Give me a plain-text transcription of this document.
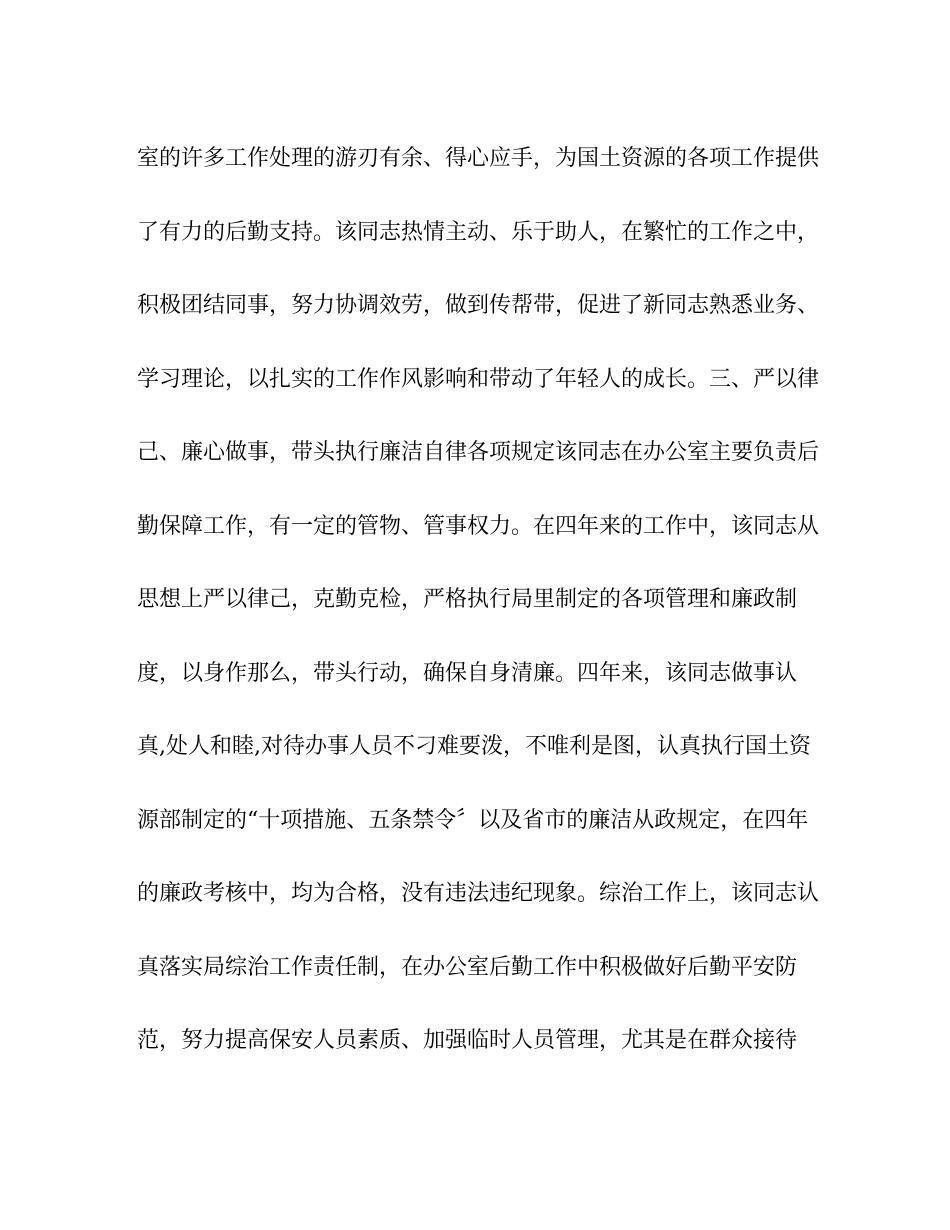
室的许多工作处理的游刃有余、得心应手，为国土资源的各项工作提供
了有力的后勤支持。该同志热情主动、乐于助人，在繁忙的工作之中，
积极团结同事，努力协调效劳，做到传帮带，促进了新同志熟悉业务、
学习理论，以扎实的工作作风影响和带动了年轻人的成长。三、严以律
己、廉心做事，带头执行廉洁自律各项规定该同志在办公室主要负责后
勤保障工作，有一定的管物、管事权力。在四年来的工作中，该同志从
思想上严以律己，克勤克检，严格执行局里制定的各项管理和廉政制
度，以身作那么，带头行动，确保自身清廉。四年来，该同志做事认
真,处人和睦,对待办事人员不刁难要泼，不唯利是图，认真执行国土资
源部制定的“十项措施、五条禁令〞以及省市的廉洁从政规定，在四年
的廉政考核中，均为合格，没有违法违纪现象。综治工作上，该同志认
真落实局综治工作责任制，在办公室后勤工作中积极做好后勤平安防
范，努力提高保安人员素质、加强临时人员管理，尤其是在群众接待
